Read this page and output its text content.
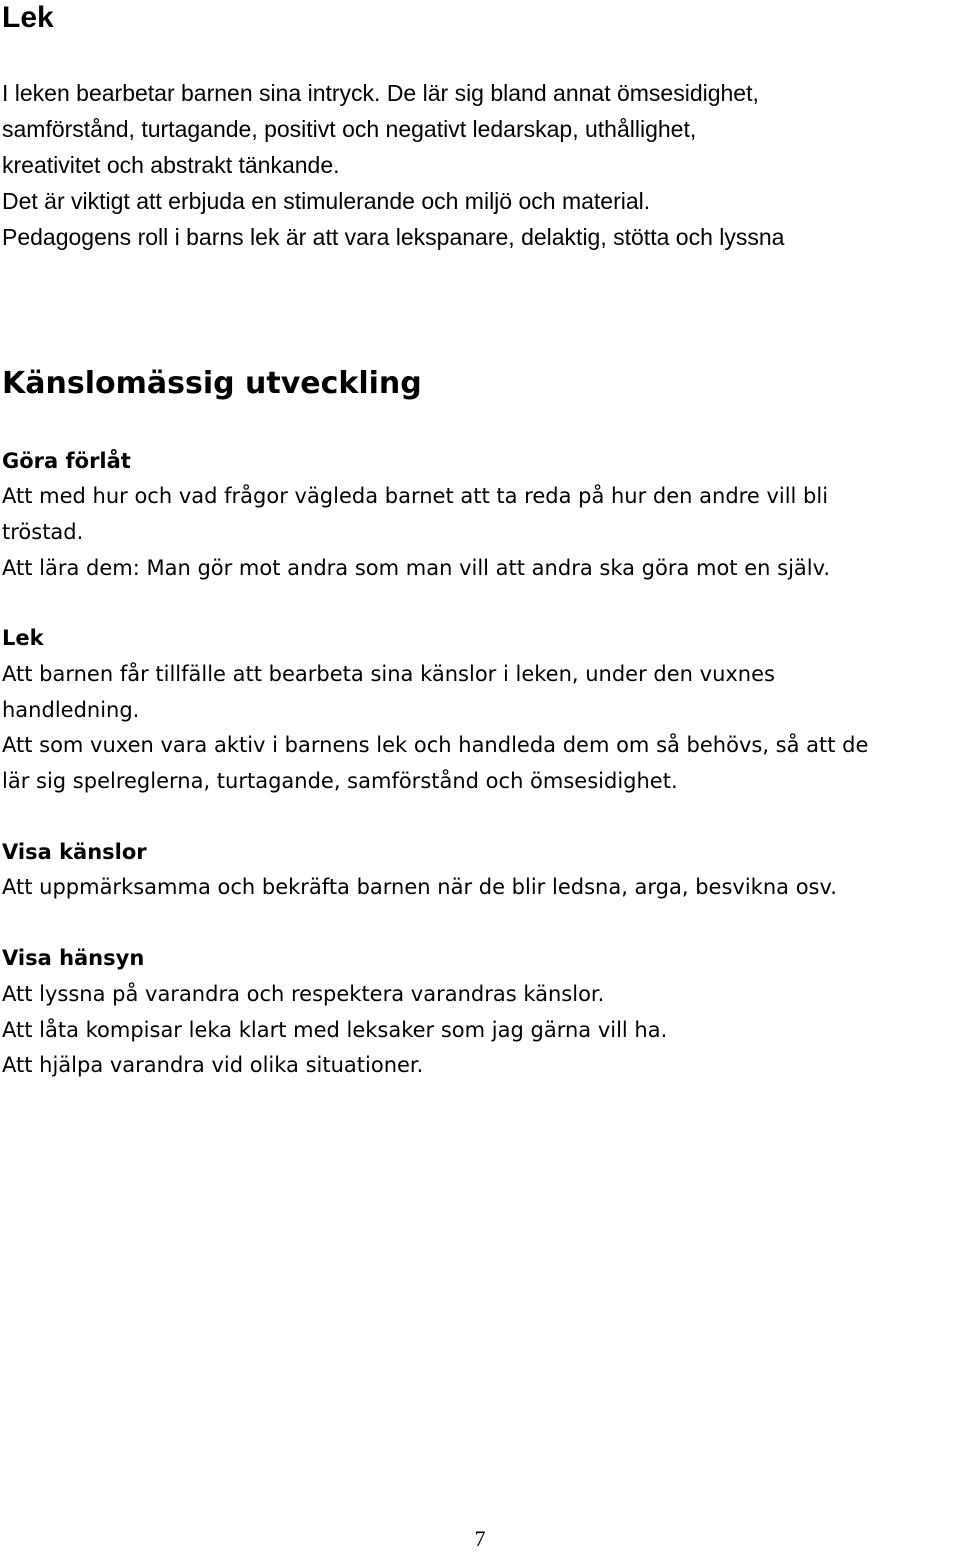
Lek
I leken bearbetar barnen sina intryck. De lär sig bland annat ömsesidighet,
samförstånd, turtagande, positivt och negativt ledarskap, uthållighet,
kreativitet och abstrakt tänkande.
Det är viktigt att erbjuda en stimulerande och miljö och material.
Pedagogens roll i barns lek är att vara lekspanare, delaktig, stötta och lyssna
Känslomässig utveckling
Göra förlåt
Att med hur och vad frågor vägleda barnet att ta reda på hur den andre vill bli
tröstad.
Att lära dem: Man gör mot andra som man vill att andra ska göra mot en själv.
Lek
Att barnen får tillfälle att bearbeta sina känslor i leken, under den vuxnes
handledning.
Att som vuxen vara aktiv i barnens lek och handleda dem om så behövs, så att de
lär sig spelreglerna, turtagande, samförstånd och ömsesidighet.
Visa känslor
Att uppmärksamma och bekräfta barnen när de blir ledsna, arga, besvikna osv.
Visa hänsyn
Att lyssna på varandra och respektera varandras känslor.
Att låta kompisar leka klart med leksaker som jag gärna vill ha.
Att hjälpa varandra vid olika situationer.
7
